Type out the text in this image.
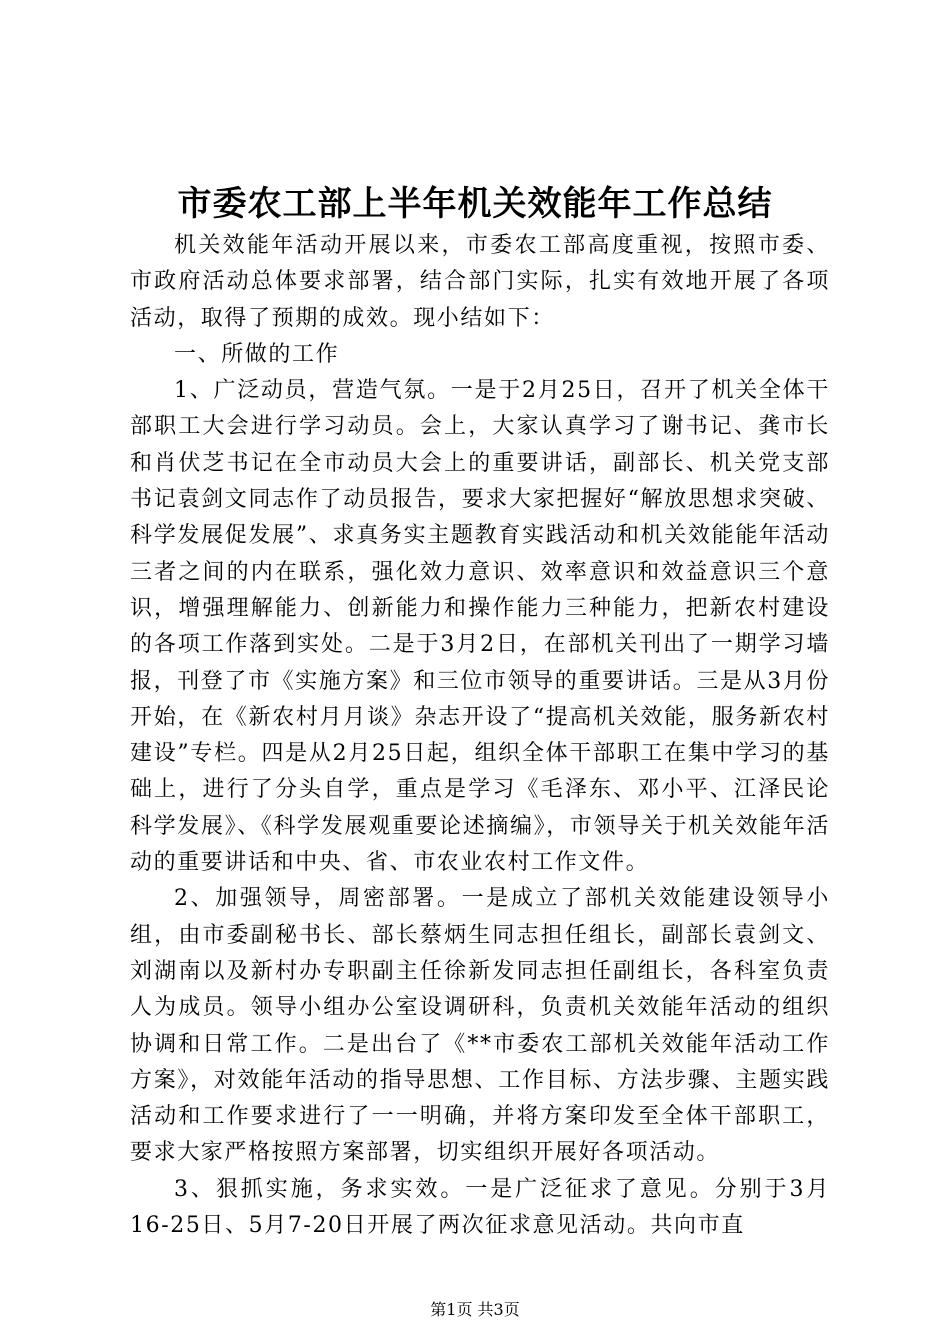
市委农工部上半年机关效能年工作总结

机关效能年活动开展以来，市委农工部高度重视，按照市委、市政府活动总体要求部署，结合部门实际，扎实有效地开展了各项活动，取得了预期的成效。现小结如下：

一、所做的工作

1、广泛动员，营造气氛。一是于2月25日，召开了机关全体干部职工大会进行学习动员。会上，大家认真学习了谢书记、龚市长和肖伏芝书记在全市动员大会上的重要讲话，副部长、机关党支部书记袁剑文同志作了动员报告，要求大家把握好“解放思想求突破、科学发展促发展”、求真务实主题教育实践活动和机关效能能年活动三者之间的内在联系，强化效力意识、效率意识和效益意识三个意识，增强理解能力、创新能力和操作能力三种能力，把新农村建设的各项工作落到实处。二是于3月2日，在部机关刊出了一期学习墙报，刊登了市《实施方案》和三位市领导的重要讲话。三是从3月份开始，在《新农村月月谈》杂志开设了“提高机关效能，服务新农村建设”专栏。四是从2月25日起，组织全体干部职工在集中学习的基础上，进行了分头自学，重点是学习《毛泽东、邓小平、江泽民论科学发展》、《科学发展观重要论述摘编》，市领导关于机关效能年活动的重要讲话和中央、省、市农业农村工作文件。

2、加强领导，周密部署。一是成立了部机关效能建设领导小组，由市委副秘书长、部长蔡炳生同志担任组长，副部长袁剑文、刘湖南以及新村办专职副主任徐新发同志担任副组长，各科室负责人为成员。领导小组办公室设调研科，负责机关效能年活动的组织协调和日常工作。二是出台了《**市委农工部机关效能年活动工作方案》，对效能年活动的指导思想、工作目标、方法步骤、主题实践活动和工作要求进行了一一明确，并将方案印发至全体干部职工，要求大家严格按照方案部署，切实组织开展好各项活动。

3、狠抓实施，务求实效。一是广泛征求了意见。分别于3月16-25日、5月7-20日开展了两次征求意见活动。共向市直

第1页 共3页
